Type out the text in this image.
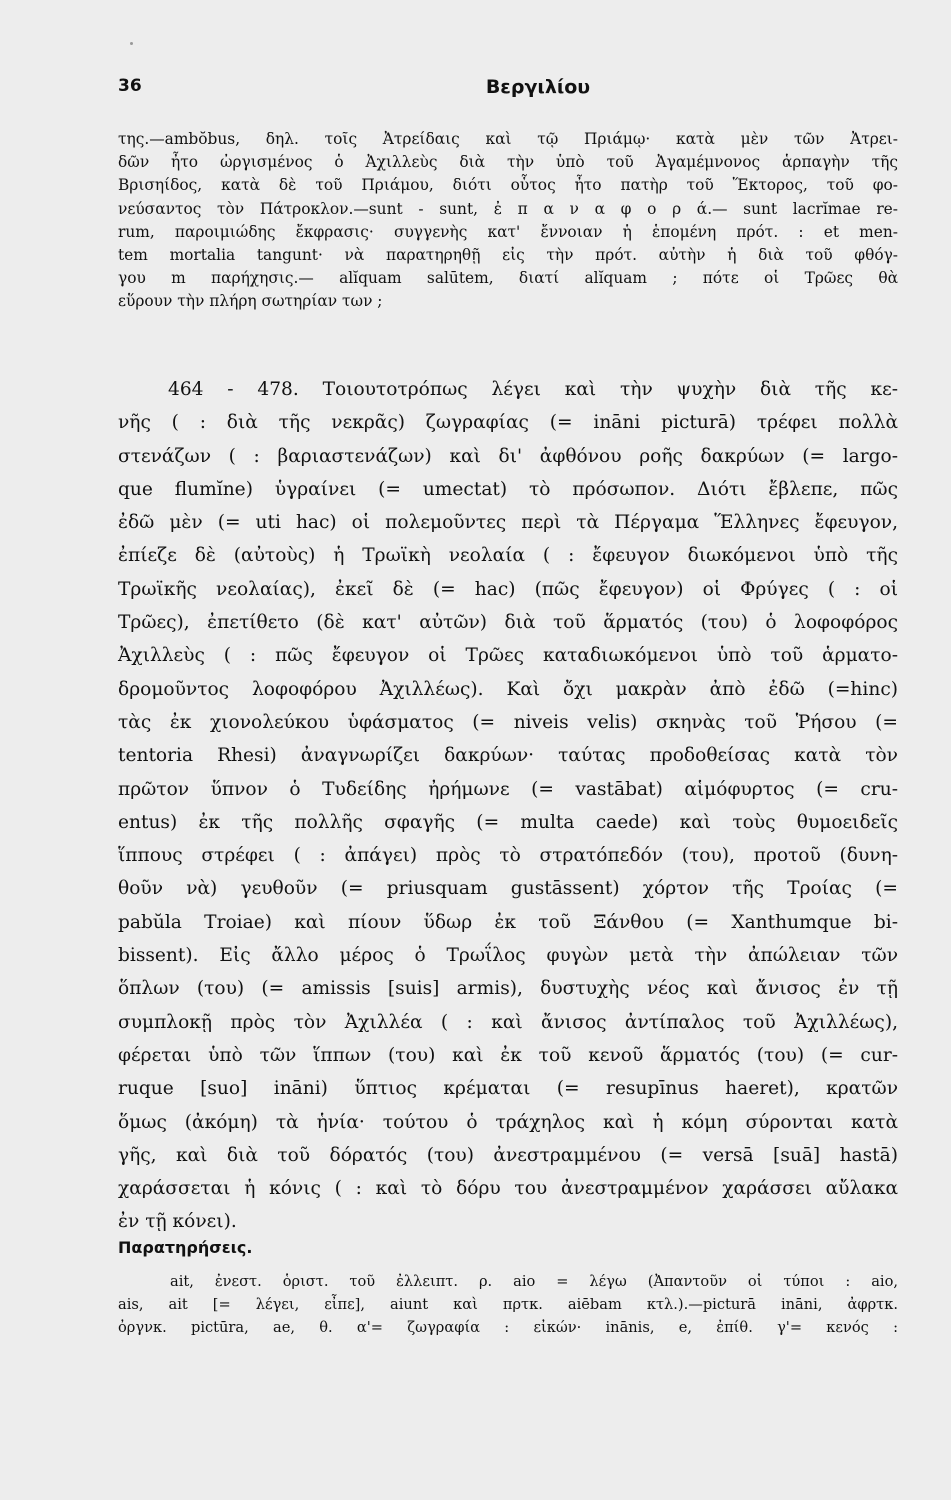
36	Βεργιλίου
της.—ambŏbus, δηλ. τοῖς Ἀτρείδαις καὶ τῷ Πριάμῳ· κατὰ μὲν τῶν Ἀτρει-
δῶν ἦτο ὠργισμένος ὁ Ἀχιλλεὺς διὰ τὴν ὑπὸ τοῦ Ἀγαμέμνονος ἁρπαγὴν τῆς
Βρισηίδος, κατὰ δὲ τοῦ Πριάμου, διότι οὗτος ἦτο πατὴρ τοῦ Ἕκτορος, τοῦ φο-
νεύσαντος τὸν Πάτροκλον.—sunt - sunt, ἐ π α ν α φ ο ρ ά.— sunt lacrĭmae re-
rum, παροιμιώδης ἔκφρασις· συγγενὴς κατ' ἔννοιαν ἡ ἑπομένη πρότ. : et men-
tem mortalia tangunt· νὰ παρατηρηθῇ εἰς τὴν πρότ. αὐτὴν ἡ διὰ τοῦ φθόγ-
γου m παρήχησις.— alĭquam salūtem, διατί alĭquam ; πότε οἱ Τρῶες θὰ
εὕρουν τὴν πλήρη σωτηρίαν των ;
464 - 478. Τοιουτοτρόπως λέγει καὶ τὴν ψυχὴν διὰ τῆς κε-
νῆς ( : διὰ τῆς νεκρᾶς) ζωγραφίας (= ināni picturā) τρέφει πολλὰ
στενάζων ( : βαριαστενάζων) καὶ δι' ἀφθόνου ροῆς δακρύων (= largo-
que flumĭne) ὑγραίνει (= umectat) τὸ πρόσωπον. Διότι ἔβλεπε, πῶς
ἐδῶ μὲν (= uti hac) οἱ πολεμοῦντες περὶ τὰ Πέργαμα Ἕλληνες ἔφευγον,
ἐπίεζε δὲ (αὐτοὺς) ἡ Τρωϊκὴ νεολαία ( : ἔφευγον διωκόμενοι ὑπὸ τῆς
Τρωϊκῆς νεολαίας), ἐκεῖ δὲ (= hac) (πῶς ἔφευγον) οἱ Φρύγες ( : οἱ
Τρῶες), ἐπετίθετο (δὲ κατ' αὐτῶν) διὰ τοῦ ἅρματός (του) ὁ λοφοφόρος
Ἀχιλλεὺς ( : πῶς ἔφευγον οἱ Τρῶες καταδιωκόμενοι ὑπὸ τοῦ ἁρματο-
δρομοῦντος λοφοφόρου Ἀχιλλέως). Καὶ ὄχι μακρὰν ἀπὸ ἐδῶ (=hinc)
τὰς ἐκ χιονολεύκου ὑφάσματος (= niveis velis) σκηνὰς τοῦ Ῥήσου (=
tentoria Rhesi) ἀναγνωρίζει δακρύων· ταύτας προδοθείσας κατὰ τὸν
πρῶτον ὕπνον ὁ Τυδείδης ἠρήμωνε (= vastābat) αἱμόφυρτος (= cru-
entus) ἐκ τῆς πολλῆς σφαγῆς (= multa caede) καὶ τοὺς θυμοειδεῖς
ἵππους στρέφει ( : ἀπάγει) πρὸς τὸ στρατόπεδόν (του), προτοῦ (δυνη-
θοῦν νὰ) γευθοῦν (= priusquam gustāssent) χόρτον τῆς Τροίας (=
pabŭla Troiae) καὶ πίουν ὕδωρ ἐκ τοῦ Ξάνθου (= Xanthumque bi-
bissent). Εἰς ἄλλο μέρος ὁ Τρωΐλος φυγὼν μετὰ τὴν ἀπώλειαν τῶν
ὅπλων (του) (= amissis [suis] armis), δυστυχὴς νέος καὶ ἄνισος ἐν τῇ
συμπλοκῇ πρὸς τὸν Ἀχιλλέα ( : καὶ ἄνισος ἀντίπαλος τοῦ Ἀχιλλέως),
φέρεται ὑπὸ τῶν ἵππων (του) καὶ ἐκ τοῦ κενοῦ ἅρματός (του) (= cur-
ruque [suo] ināni) ὕπτιος κρέμαται (= resupīnus haeret), κρατῶν
ὅμως (ἀκόμη) τὰ ἡνία· τούτου ὁ τράχηλος καὶ ἡ κόμη σύρονται κατὰ
γῆς, καὶ διὰ τοῦ δόρατός (του) ἀνεστραμμένου (= versā [suā] hastā)
χαράσσεται ἡ κόνις ( : καὶ τὸ δόρυ του ἀνεστραμμένον χαράσσει αὔλακα
ἐν τῇ κόνει).
Παρατηρήσεις.
ait, ἐνεστ. ὁριστ. τοῦ ἐλλειπτ. ρ. aio = λέγω (Ἀπαντοῦν οἱ τύποι : aio,
ais, ait [= λέγει, εἶπε], aiunt καὶ πρτκ. aiēbam κτλ.).—picturā ināni, ἀφρτκ.
ὀργνκ. pictūra, ae, θ. α'= ζωγραφία : εἰκών· inānis, e, ἐπίθ. γ'= κενός :
